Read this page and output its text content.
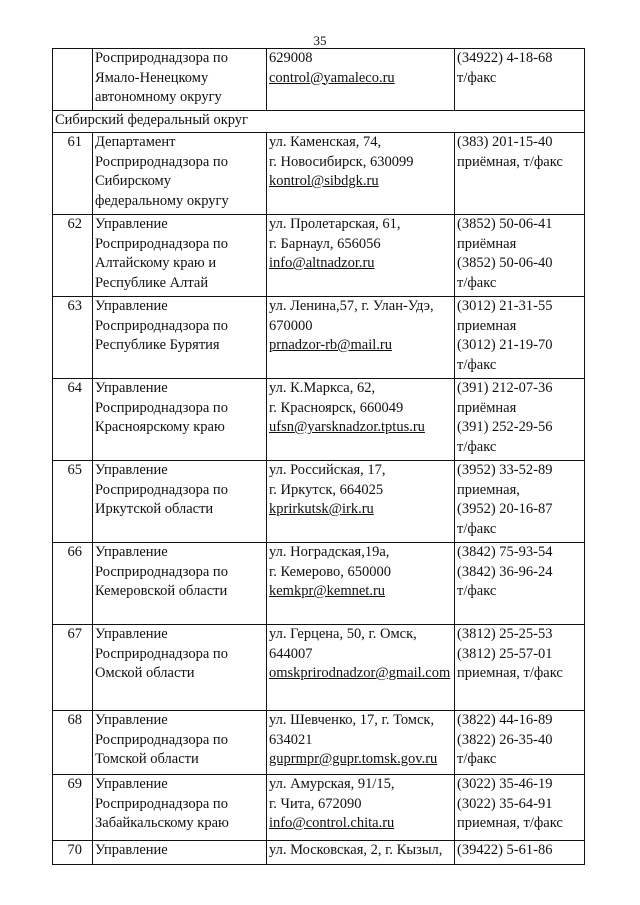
35

	Росприроднадзора по
Ямало-Ненецкому
автономному округу	629008
control@yamaleco.ru	(34922) 4-18-68
т/факс

Сибирский федеральный округ			
61	Департамент
Росприроднадзора по
Сибирскому
федеральному округу	ул. Каменская, 74,
г. Новосибирск, 630099
kontrol@sibdgk.ru	(383) 201-15-40
приёмная, т/факс

62	Управление
Росприроднадзора по
Алтайскому краю и
Республике Алтай	ул. Пролетарская, 61,
г. Барнаул, 656056
info@altnadzor.ru	(3852) 50-06-41
приёмная
(3852) 50-06-40
т/факс

63	Управление
Росприроднадзора по
Республике Бурятия	ул. Ленина,57, г. Улан-Удэ,
670000
prnadzor-rb@mail.ru	(3012) 21-31-55
приемная
(3012) 21-19-70
т/факс

64	Управление
Росприроднадзора по
Красноярскому краю	ул. К.Маркса, 62,
г. Красноярск, 660049
ufsn@yarsknadzor.tptus.ru	(391) 212-07-36
приёмная
(391) 252-29-56
т/факс

65	Управление
Росприроднадзора по
Иркутской области	ул. Российская, 17,
г. Иркутск, 664025
kprirkutsk@irk.ru	(3952) 33-52-89
приемная,
(3952) 20-16-87
т/факс

66	Управление
Росприроднадзора по
Кемеровской области	ул. Ноградская,19а,
г. Кемерово, 650000
kemkpr@kemnet.ru	(3842) 75-93-54
(3842) 36-96-24
т/факс

67	Управление
Росприроднадзора по
Омской области	ул. Герцена, 50, г. Омск,
644007
omskprirodnadzor@gmail.com	(3812) 25-25-53
(3812) 25-57-01
приемная, т/факс

68	Управление
Росприроднадзора по
Томской области	ул. Шевченко, 17, г. Томск,
634021
guprmpr@gupr.tomsk.gov.ru	(3822) 44-16-89
(3822) 26-35-40
т/факс

69	Управление
Росприроднадзора по
Забайкальскому краю	ул. Амурская, 91/15,
г. Чита, 672090
info@control.chita.ru	(3022) 35-46-19
(3022) 35-64-91
приемная, т/факс

70	Управление	ул. Московская, 2, г. Кызыл,	(39422) 5-61-86
